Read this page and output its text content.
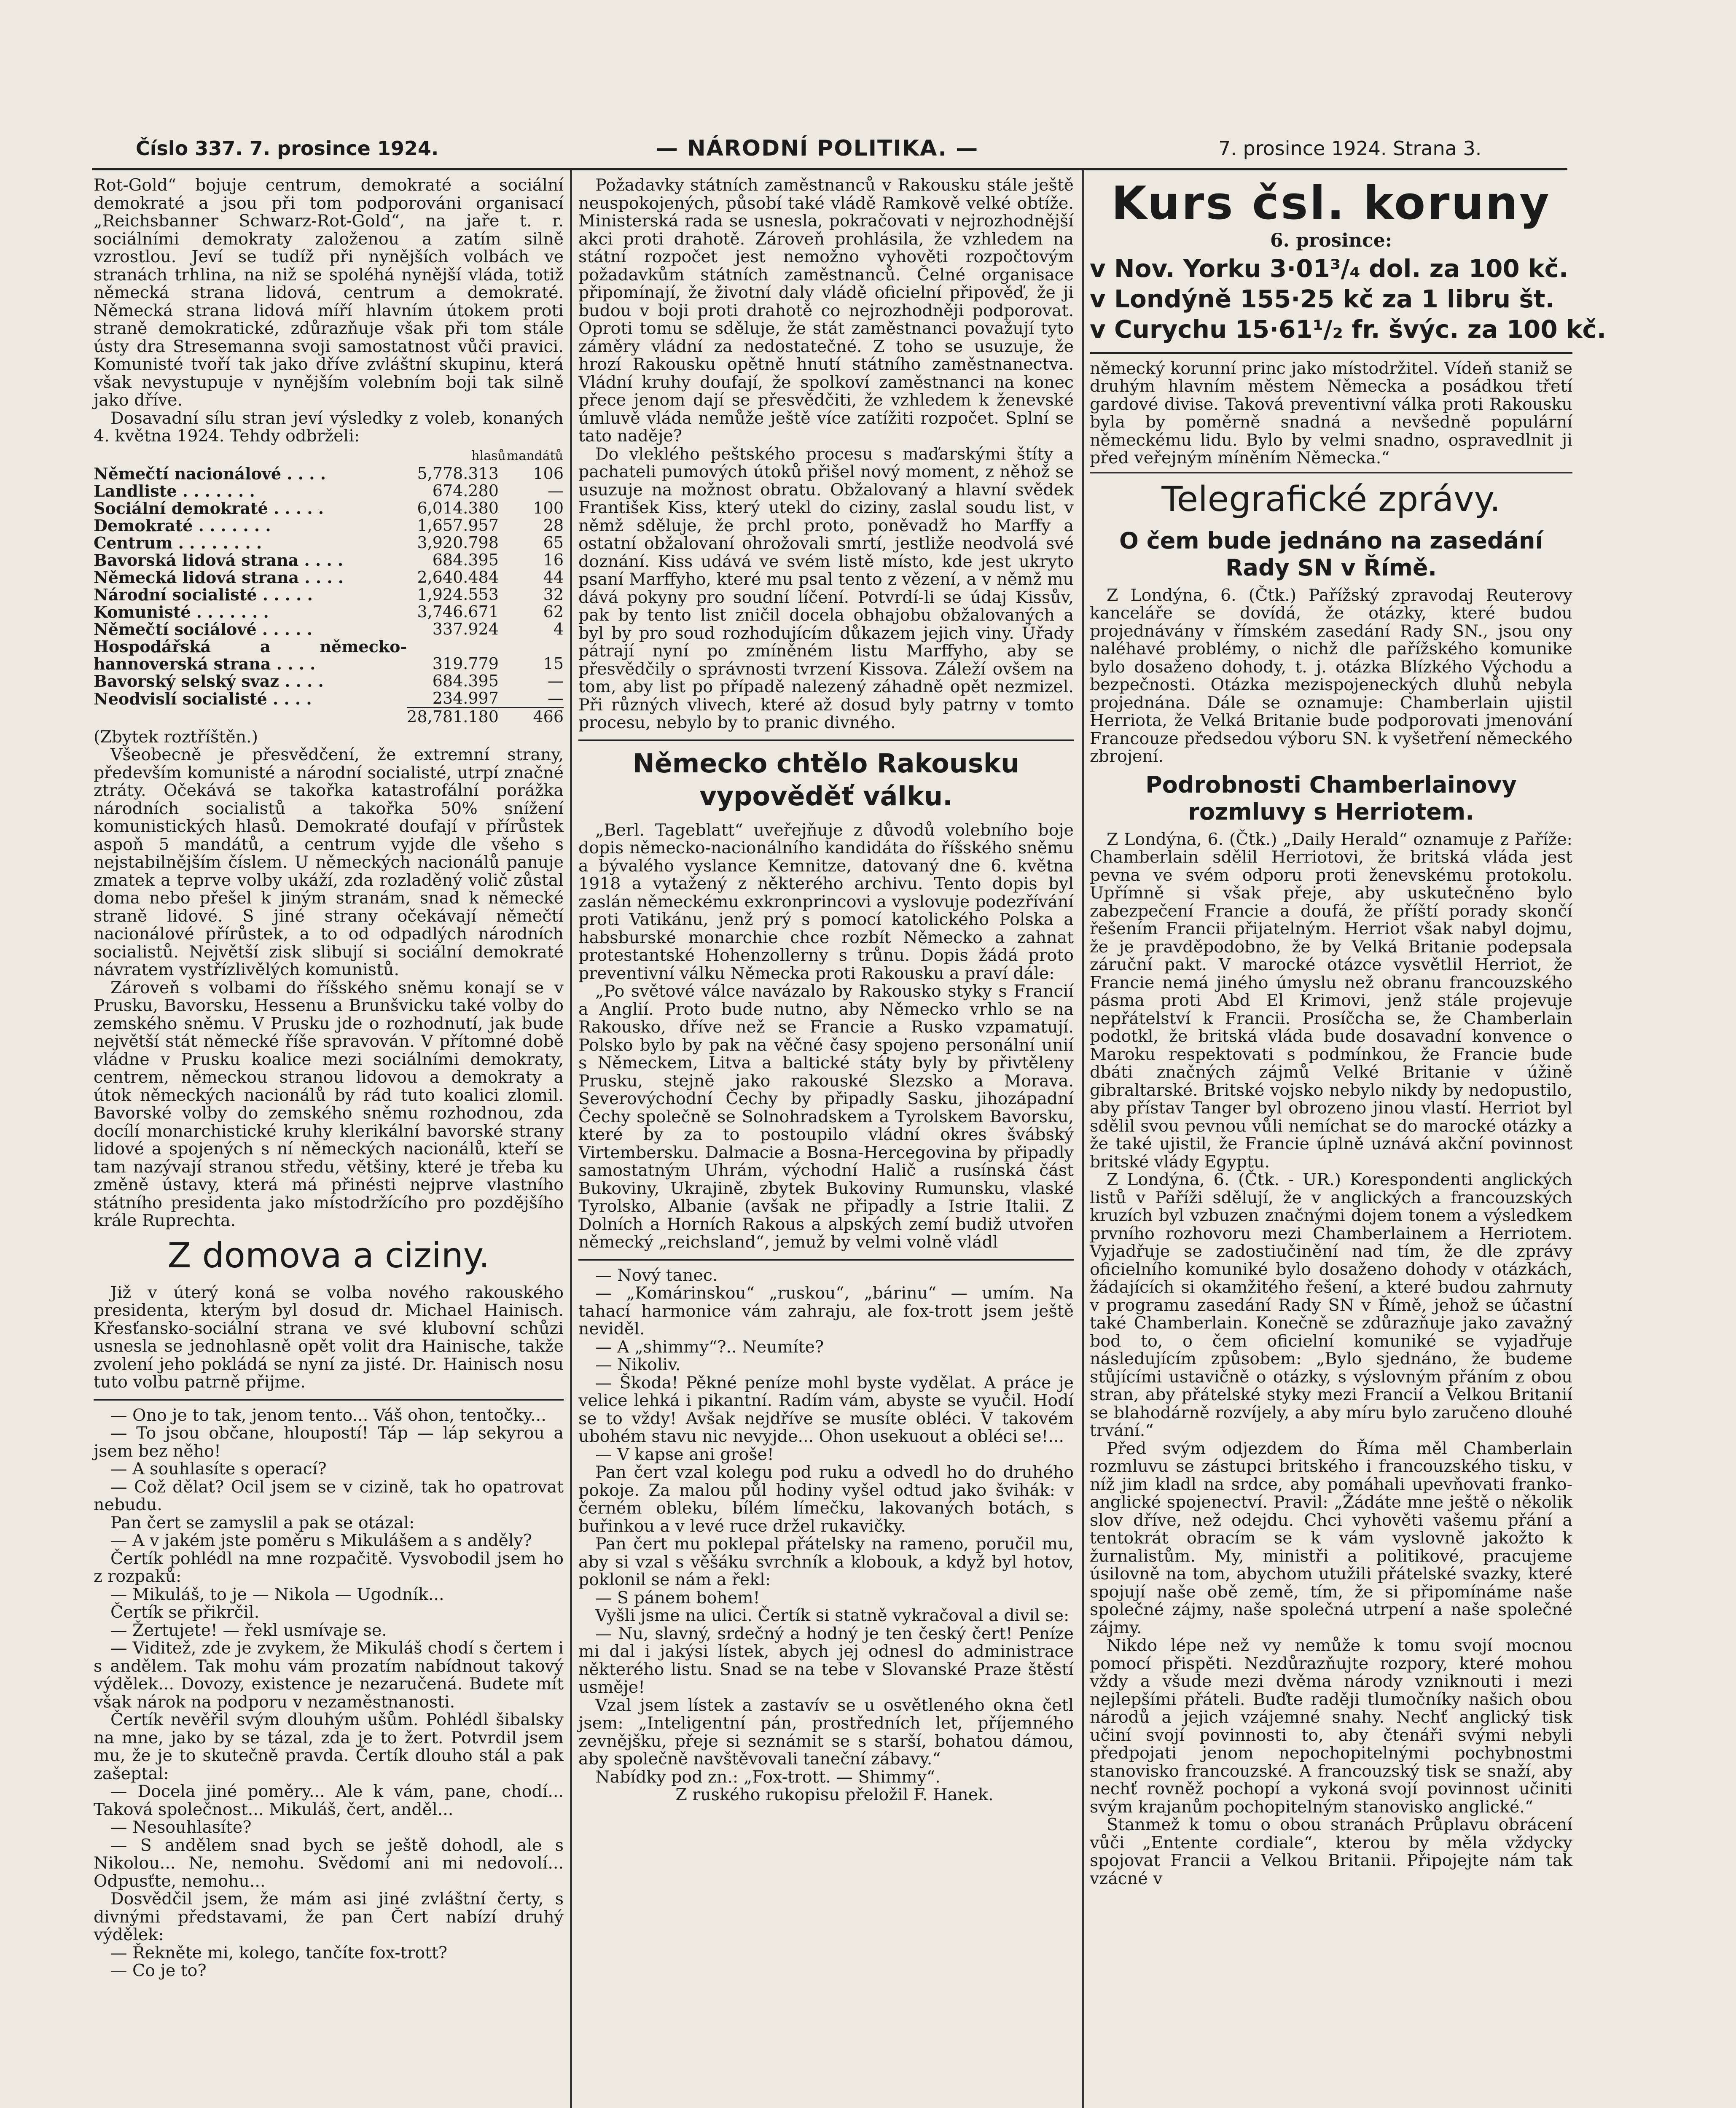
Číslo 337. 7. prosince 1924.	— NÁRODNÍ POLITIKA. —	7. prosince 1924. Strana 3.

Rot-Gold“ bojuje centrum, demokraté a sociální demokraté a jsou při tom podporováni organisací „Reichsbanner Schwarz-Rot-Gold“, na jaře t. r. sociálními demokraty založenou a zatím silně vzrostlou. Jeví se tudíž při nynějších volbách ve stranách trhlina, na niž se spoléhá nynější vláda, totiž německá strana lidová, centrum a demokraté. Německá strana lidová míří hlavním útokem proti straně demokratické, zdůrazňuje však při tom stále ústy dra Stresemanna svoji samostatnost vůči pravici. Komunisté tvoří tak jako dříve zvláštní skupinu, která však nevystupuje v nynějším volebním boji tak silně jako dříve.

Dosavadní sílu stran jeví výsledky z voleb, konaných 4. května 1924. Tehdy odbrželi:

	hlasů	mandátů
Němečtí nacionálové . . . .	5,778.313	106
Landliste . . . . . . .	674.280	—
Sociální demokraté . . . . .	6,014.380	100
Demokraté . . . . . . .	1,657.957	28
Centrum . . . . . . . .	3,920.798	65
Bavorská lidová strana . . . .	684.395	16
Německá lidová strana . . . .	2,640.484	44
Národní socialisté . . . . .	1,924.553	32
Komunisté . . . . . . .	3,746.671	62
Němečtí sociálové . . . . .	337.924	4
Hospodářská a německo-hannoverská strana . . . .	319.779	15
Bavorský selský svaz . . . .	684.395	—
Neodvislí socialisté . . . .	234.997	—
	28,781.180	466

(Zbytek roztříštěn.)

Všeobecně je přesvědčení, že extremní strany, především komunisté a národní socialisté, utrpí značné ztráty. Očekává se takořka katastrofální porážka národních socialistů a takořka 50% snížení komunistických hlasů. Demokraté doufají v přírůstek aspoň 5 mandátů, a centrum vyjde dle všeho s nejstabilnějším číslem. U německých nacionálů panuje zmatek a teprve volby ukáží, zda rozladěný volič zůstal doma nebo přešel k jiným stranám, snad k německé straně lidové. S jiné strany očekávají němečtí nacionálové přírůstek, a to od odpadlých národních socialistů. Největší zisk slibují si sociální demokraté návratem vystřízlivělých komunistů.

Zároveň s volbami do říšského sněmu konají se v Prusku, Bavorsku, Hessenu a Brunšvicku také volby do zemského sněmu. V Prusku jde o rozhodnutí, jak bude největší stát německé říše spravován. V přítomné době vládne v Prusku koalice mezi sociálními demokraty, centrem, německou stranou lidovou a demokraty a útok německých nacionálů by rád tuto koalici zlomil. Bavorské volby do zemského sněmu rozhodnou, zda docílí monarchistické kruhy klerikální bavorské strany lidové a spojených s ní německých nacionálů, kteří se tam nazývají stranou středu, většiny, které je třeba ku změně ústavy, která má přinésti nejprve vlastního státního presidenta jako místodržícího pro pozdějšího krále Ruprechta.

Z domova a ciziny.

Již v úterý koná se volba nového rakouského presidenta, kterým byl dosud dr. Michael Hainisch. Křesťansko-sociální strana ve své klubovní schůzi usnesla se jednohlasně opět volit dra Hainische, takže zvolení jeho pokládá se nyní za jisté. Dr. Hainisch nosu tuto volbu patrně přijme.

— Ono je to tak, jenom tento... Váš ohon, tentočky...

— To jsou občane, hloupostí! Táp — láp sekyrou a jsem bez něho!

— A souhlasíte s operací?

— Což dělat? Ocil jsem se v cizině, tak ho opatrovat nebudu.

Pan čert se zamyslil a pak se otázal:

— A v jakém jste poměru s Mikulášem a s anděly?

Čertík pohlédl na mne rozpačitě. Vysvobodil jsem ho z rozpaků:

— Mikuláš, to je — Nikola — Ugodník...

Čertík se přikrčil.

— Žertujete! — řekl usmívaje se.

— Viditež, zde je zvykem, že Mikuláš chodí s čertem i s andělem. Tak mohu vám prozatím nabídnout takový výdělek... Dovozy, existence je nezaručená. Budete mít však nárok na podporu v nezaměstnanosti.

Čertík nevěřil svým dlouhým ušům. Pohlédl šibalsky na mne, jako by se tázal, zda je to žert. Potvrdil jsem mu, že je to skutečně pravda. Čertík dlouho stál a pak zašeptal:

— Docela jiné poměry... Ale k vám, pane, chodí... Taková společnost... Mikuláš, čert, anděl...

— Nesouhlasíte?

— S andělem snad bych se ještě dohodl, ale s Nikolou... Ne, nemohu. Svědomí ani mi nedovolí... Odpusťte, nemohu...

Dosvědčil jsem, že mám asi jiné zvláštní čerty, s divnými představami, že pan Čert nabízí druhý výdělek:

— Řekněte mi, kolego, tančíte fox-trott?

— Co je to?

Požadavky státních zaměstnanců v Rakousku stále ještě neuspokojených, působí také vládě Ramkově velké obtíže. Ministerská rada se usnesla, pokračovati v nejrozhodnější akci proti drahotě. Zároveň prohlásila, že vzhledem na státní rozpočet jest nemožno vyhověti rozpočtovým požadavkům státních zaměstnanců. Čelné organisace připomínají, že životní daly vládě oficielní připověď, že ji budou v boji proti drahotě co nejrozhodněji podporovat. Oproti tomu se sděluje, že stát zaměstnanci považují tyto záměry vládní za nedostatečné. Z toho se usuzuje, že hrozí Rakousku opětně hnutí státního zaměstnanectva. Vládní kruhy doufají, že spolkoví zaměstnanci na konec přece jenom dají se přesvědčiti, že vzhledem k ženevské úmluvě vláda nemůže ještě více zatížiti rozpočet. Splní se tato naděje?

Do vleklého peštského procesu s maďarskými štíty a pachateli pumových útoků přišel nový moment, z něhož se usuzuje na možnost obratu. Obžalovaný a hlavní svědek František Kiss, který utekl do ciziny, zaslal soudu list, v němž sděluje, že prchl proto, poněvadž ho Marffy a ostatní obžalovaní ohrožovali smrtí, jestliže neodvolá své doznání. Kiss udává ve svém listě místo, kde jest ukryto psaní Marffyho, které mu psal tento z vězení, a v němž mu dává pokyny pro soudní líčení. Potvrdí-li se údaj Kissův, pak by tento list zničil docela obhajobu obžalovaných a byl by pro soud rozhodujícím důkazem jejich viny. Úřady pátrají nyní po zmíněném listu Marffyho, aby se přesvědčily o správnosti tvrzení Kissova. Záleží ovšem na tom, aby list po případě nalezený záhadně opět nezmizel. Při různých vlivech, které až dosud byly patrny v tomto procesu, nebylo by to pranic divného.

Německo chtělo Rakousku vypověděť válku.

„Berl. Tageblatt“ uveřejňuje z důvodů volebního boje dopis německo-nacionálního kandidáta do říšského sněmu a bývalého vyslance Kemnitze, datovaný dne 6. května 1918 a vytažený z některého archivu. Tento dopis byl zaslán německému exkronprincovi a vyslovuje podezřívání proti Vatikánu, jenž prý s pomocí katolického Polska a habsburské monarchie chce rozbít Německo a zahnat protestantské Hohenzollerny s trůnu. Dopis žádá proto preventivní válku Německa proti Rakousku a praví dále:

„Po světové válce navázalo by Rakousko styky s Francií a Anglií. Proto bude nutno, aby Německo vrhlo se na Rakousko, dříve než se Francie a Rusko vzpamatují. Polsko bylo by pak na věčné časy spojeno personální unií s Německem, Litva a baltické státy byly by přivtěleny Prusku, stejně jako rakouské Slezsko a Morava. Severovýchodní Čechy by připadly Sasku, jihozápadní Čechy společně se Solnohradskem a Tyrolskem Bavorsku, které by za to postoupilo vládní okres švábský Virtembersku. Dalmacie a Bosna-Hercegovina by připadly samostatným Uhrám, východní Halič a rusínská část Bukoviny, Ukrajině, zbytek Bukoviny Rumunsku, vlaské Tyrolsko, Albanie (avšak ne připadly a Istrie Italii. Z Dolních a Horních Rakous a alpských zemí budiž utvořen německý „reichsland“, jemuž by velmi volně vládl

— Nový tanec.

— „Komárinskou“ „ruskou“, „bárinu“ — umím. Na tahací harmonice vám zahraju, ale fox-trott jsem ještě neviděl.

— A „shimmy“?.. Neumíte?

— Nikoliv.

— Škoda! Pěkné peníze mohl byste vydělat. A práce je velice lehká i pikantní. Radím vám, abyste se vyučil. Hodí se to vždy! Avšak nejdříve se musíte obléci. V takovém ubohém stavu nic nevyjde... Ohon usekuout a obléci se!...

— V kapse ani groše!

Pan čert vzal kolegu pod ruku a odvedl ho do druhého pokoje. Za malou půl hodiny vyšel odtud jako švihák: v černém obleku, bílém límečku, lakovaných botách, s buřinkou a v levé ruce držel rukavičky.

Pan čert mu poklepal přátelsky na rameno, poručil mu, aby si vzal s věšáku svrchník a klobouk, a když byl hotov, poklonil se nám a řekl:

— S pánem bohem!

Vyšli jsme na ulici. Čertík si statně vykračoval a divil se:

— Nu, slavný, srdečný a hodný je ten český čert! Peníze mi dal i jakýsi lístek, abych jej odnesl do administrace některého listu. Snad se na tebe v Slovanské Praze štěstí usměje!

Vzal jsem lístek a zastavív se u osvětleného okna četl jsem: „Inteligentní pán, prostředních let, příjemného zevnějšku, přeje si seznámit se s starší, bohatou dámou, aby společně navštěvovali taneční zábavy.“

Nabídky pod zn.: „Fox-trott. — Shimmy“.

Z ruského rukopisu přeložil F. Hanek.

Kurs čsl. koruny
6. prosince:
v Nov. Yorku 3·01³/₄ dol. za 100 kč.
v Londýně 155·25 kč za 1 libru št.
v Curychu 15·61¹/₂ fr. švýc. za 100 kč.

německý korunní princ jako místodržitel. Vídeň staniž se druhým hlavním městem Německa a posádkou třetí gardové divise. Taková preventivní válka proti Rakousku byla by poměrně snadná a nevšedně populární německému lidu. Bylo by velmi snadno, ospravedlnit ji před veřejným míněním Německa.“

Telegrafické zprávy.
O čem bude jednáno na zasedání Rady SN v Římě.

Z Londýna, 6. (Čtk.) Pařížský zpravodaj Reuterovy kanceláře se dovídá, že otázky, které budou projednávány v římském zasedání Rady SN., jsou ony naléhavé problémy, o nichž dle pařížského komunike bylo dosaženo dohody, t. j. otázka Blízkého Východu a bezpečnosti. Otázka mezispojeneckých dluhů nebyla projednána. Dále se oznamuje: Chamberlain ujistil Herriota, že Velká Britanie bude podporovati jmenování Francouze předsedou výboru SN. k vyšetření německého zbrojení.

Podrobnosti Chamberlainovy rozmluvy s Herriotem.

Z Londýna, 6. (Čtk.) „Daily Herald“ oznamuje z Paříže: Chamberlain sdělil Herriotovi, že britská vláda jest pevna ve svém odporu proti ženevskému protokolu. Upřímně si však přeje, aby uskutečněno bylo zabezpečení Francie a doufá, že příští porady skončí řešením Francii přijatelným. Herriot však nabyl dojmu, že je pravděpodobno, že by Velká Britanie podepsala záruční pakt. V marocké otázce vysvětlil Herriot, že Francie nemá jiného úmyslu než obranu francouzského pásma proti Abd El Krimovi, jenž stále projevuje nepřátelství k Francii. Prosíčcha se, že Chamberlain podotkl, že britská vláda bude dosavadní konvence o Maroku respektovati s podmínkou, že Francie bude dbáti značných zájmů Velké Britanie v úžině gibraltarské. Britské vojsko nebylo nikdy by nedopustilo, aby přístav Tanger byl obrozeno jinou vlastí. Herriot byl sdělil svou pevnou vůli nemíchat se do marocké otázky a že také ujistil, že Francie úplně uznává akční povinnost britské vlády Egyptu.

Z Londýna, 6. (Čtk. - UR.) Korespondenti anglických listů v Paříži sdělují, že v anglických a francouzských kruzích byl vzbuzen značnými dojem tonem a výsledkem prvního rozhovoru mezi Chamberlainem a Herriotem. Vyjadřuje se zadostiučinění nad tím, že dle zprávy oficielního komuniké bylo dosaženo dohody v otázkách, žádajících si okamžitého řešení, a které budou zahrnuty v programu zasedání Rady SN v Římě, jehož se účastní také Chamberlain. Konečně se zdůrazňuje jako zavažný bod to, o čem oficielní komuniké se vyjadřuje následujícím způsobem: „Bylo sjednáno, že budeme stůjícími ustavičně o otázky, s výslovným přáním z obou stran, aby přátelské styky mezi Francií a Velkou Britanií se blahodárně rozvíjely, a aby míru bylo zaručeno dlouhé trvání.“

Před svým odjezdem do Říma měl Chamberlain rozmluvu se zástupci britského i francouzského tisku, v níž jim kladl na srdce, aby pomáhali upevňovati franko-anglické spojenectví. Pravil: „Žádáte mne ještě o několik slov dříve, než odejdu. Chci vyhověti vašemu přání a tentokrát obracím se k vám vyslovně jakožto k žurnalistům. My, ministři a politikové, pracujeme úsilovně na tom, abychom utužili přátelské svazky, které spojují naše obě země, tím, že si připomínáme naše společné zájmy, naše společná utrpení a naše společné zájmy.

Nikdo lépe než vy nemůže k tomu svojí mocnou pomocí přispěti. Nezdůrazňujte rozpory, které mohou vždy a všude mezi dvěma národy vzniknouti i mezi nejlepšími přáteli. Buďte raději tlumočníky našich obou národů a jejich vzájemné snahy. Nechť anglický tisk učiní svojí povinnosti to, aby čtenáři svými nebyli předpojati jenom nepochopitelnými pochybnostmi stanovisko francouzské. A francouzský tisk se snaží, aby nechť rovněž pochopí a vykoná svojí povinnost učiniti svým krajanům pochopitelným stanovisko anglické.“

Stanmež k tomu o obou stranách Průplavu obrácení vůči „Entente cordiale“, kterou by měla vždycky spojovat Francii a Velkou Britanii. Připojejte nám tak vzácné v
